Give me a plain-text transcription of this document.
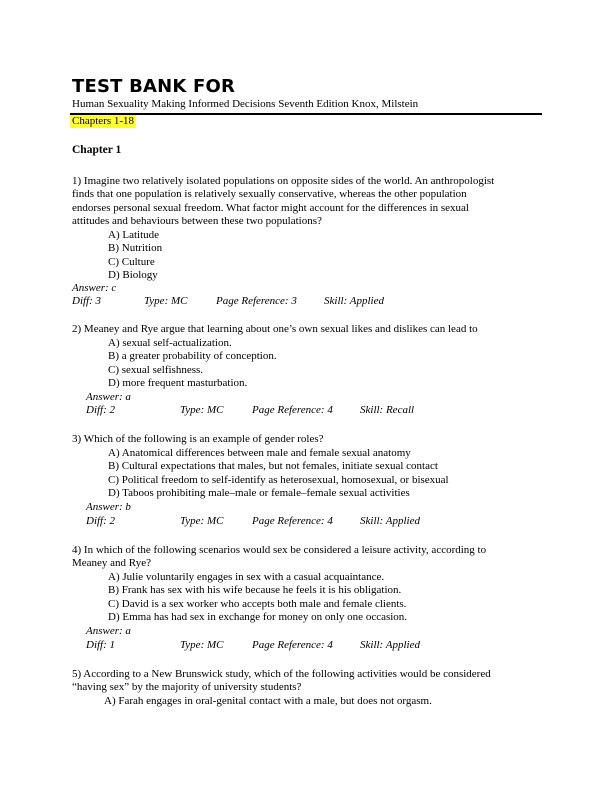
TEST BANK FOR
Human Sexuality Making Informed Decisions Seventh Edition Knox, Milstein
Chapters 1-18
Chapter 1
1) Imagine two relatively isolated populations on opposite sides of the world. An anthropologist
finds that one population is relatively sexually conservative, whereas the other population
endorses personal sexual freedom. What factor might account for the differences in sexual
attitudes and behaviours between these two populations?
A) Latitude
B) Nutrition
C) Culture
D) Biology
Answer: c
Diff: 3	Type: MC	Page Reference: 3 Skill: Applied
2) Meaney and Rye argue that learning about one’s own sexual likes and dislikes can lead to
A) sexual self-actualization.
B) a greater probability of conception.
C) sexual selfishness.
D) more frequent masturbation.
Answer: a
Diff: 2	Type: MC	Page Reference: 4 Skill: Recall
3) Which of the following is an example of gender roles?
A) Anatomical differences between male and female sexual anatomy
B) Cultural expectations that males, but not females, initiate sexual contact
C) Political freedom to self-identify as heterosexual, homosexual, or bisexual
D) Taboos prohibiting male–male or female–female sexual activities
Answer: b
Diff: 2	Type: MC	Page Reference: 4 Skill: Applied
4) In which of the following scenarios would sex be considered a leisure activity, according to
Meaney and Rye?
A) Julie voluntarily engages in sex with a casual acquaintance.
B) Frank has sex with his wife because he feels it is his obligation.
C) David is a sex worker who accepts both male and female clients.
D) Emma has had sex in exchange for money on only one occasion.
Answer: a
Diff: 1	Type: MC	Page Reference: 4 Skill: Applied
5) According to a New Brunswick study, which of the following activities would be considered
“having sex” by the majority of university students?
A) Farah engages in oral-genital contact with a male, but does not orgasm.
